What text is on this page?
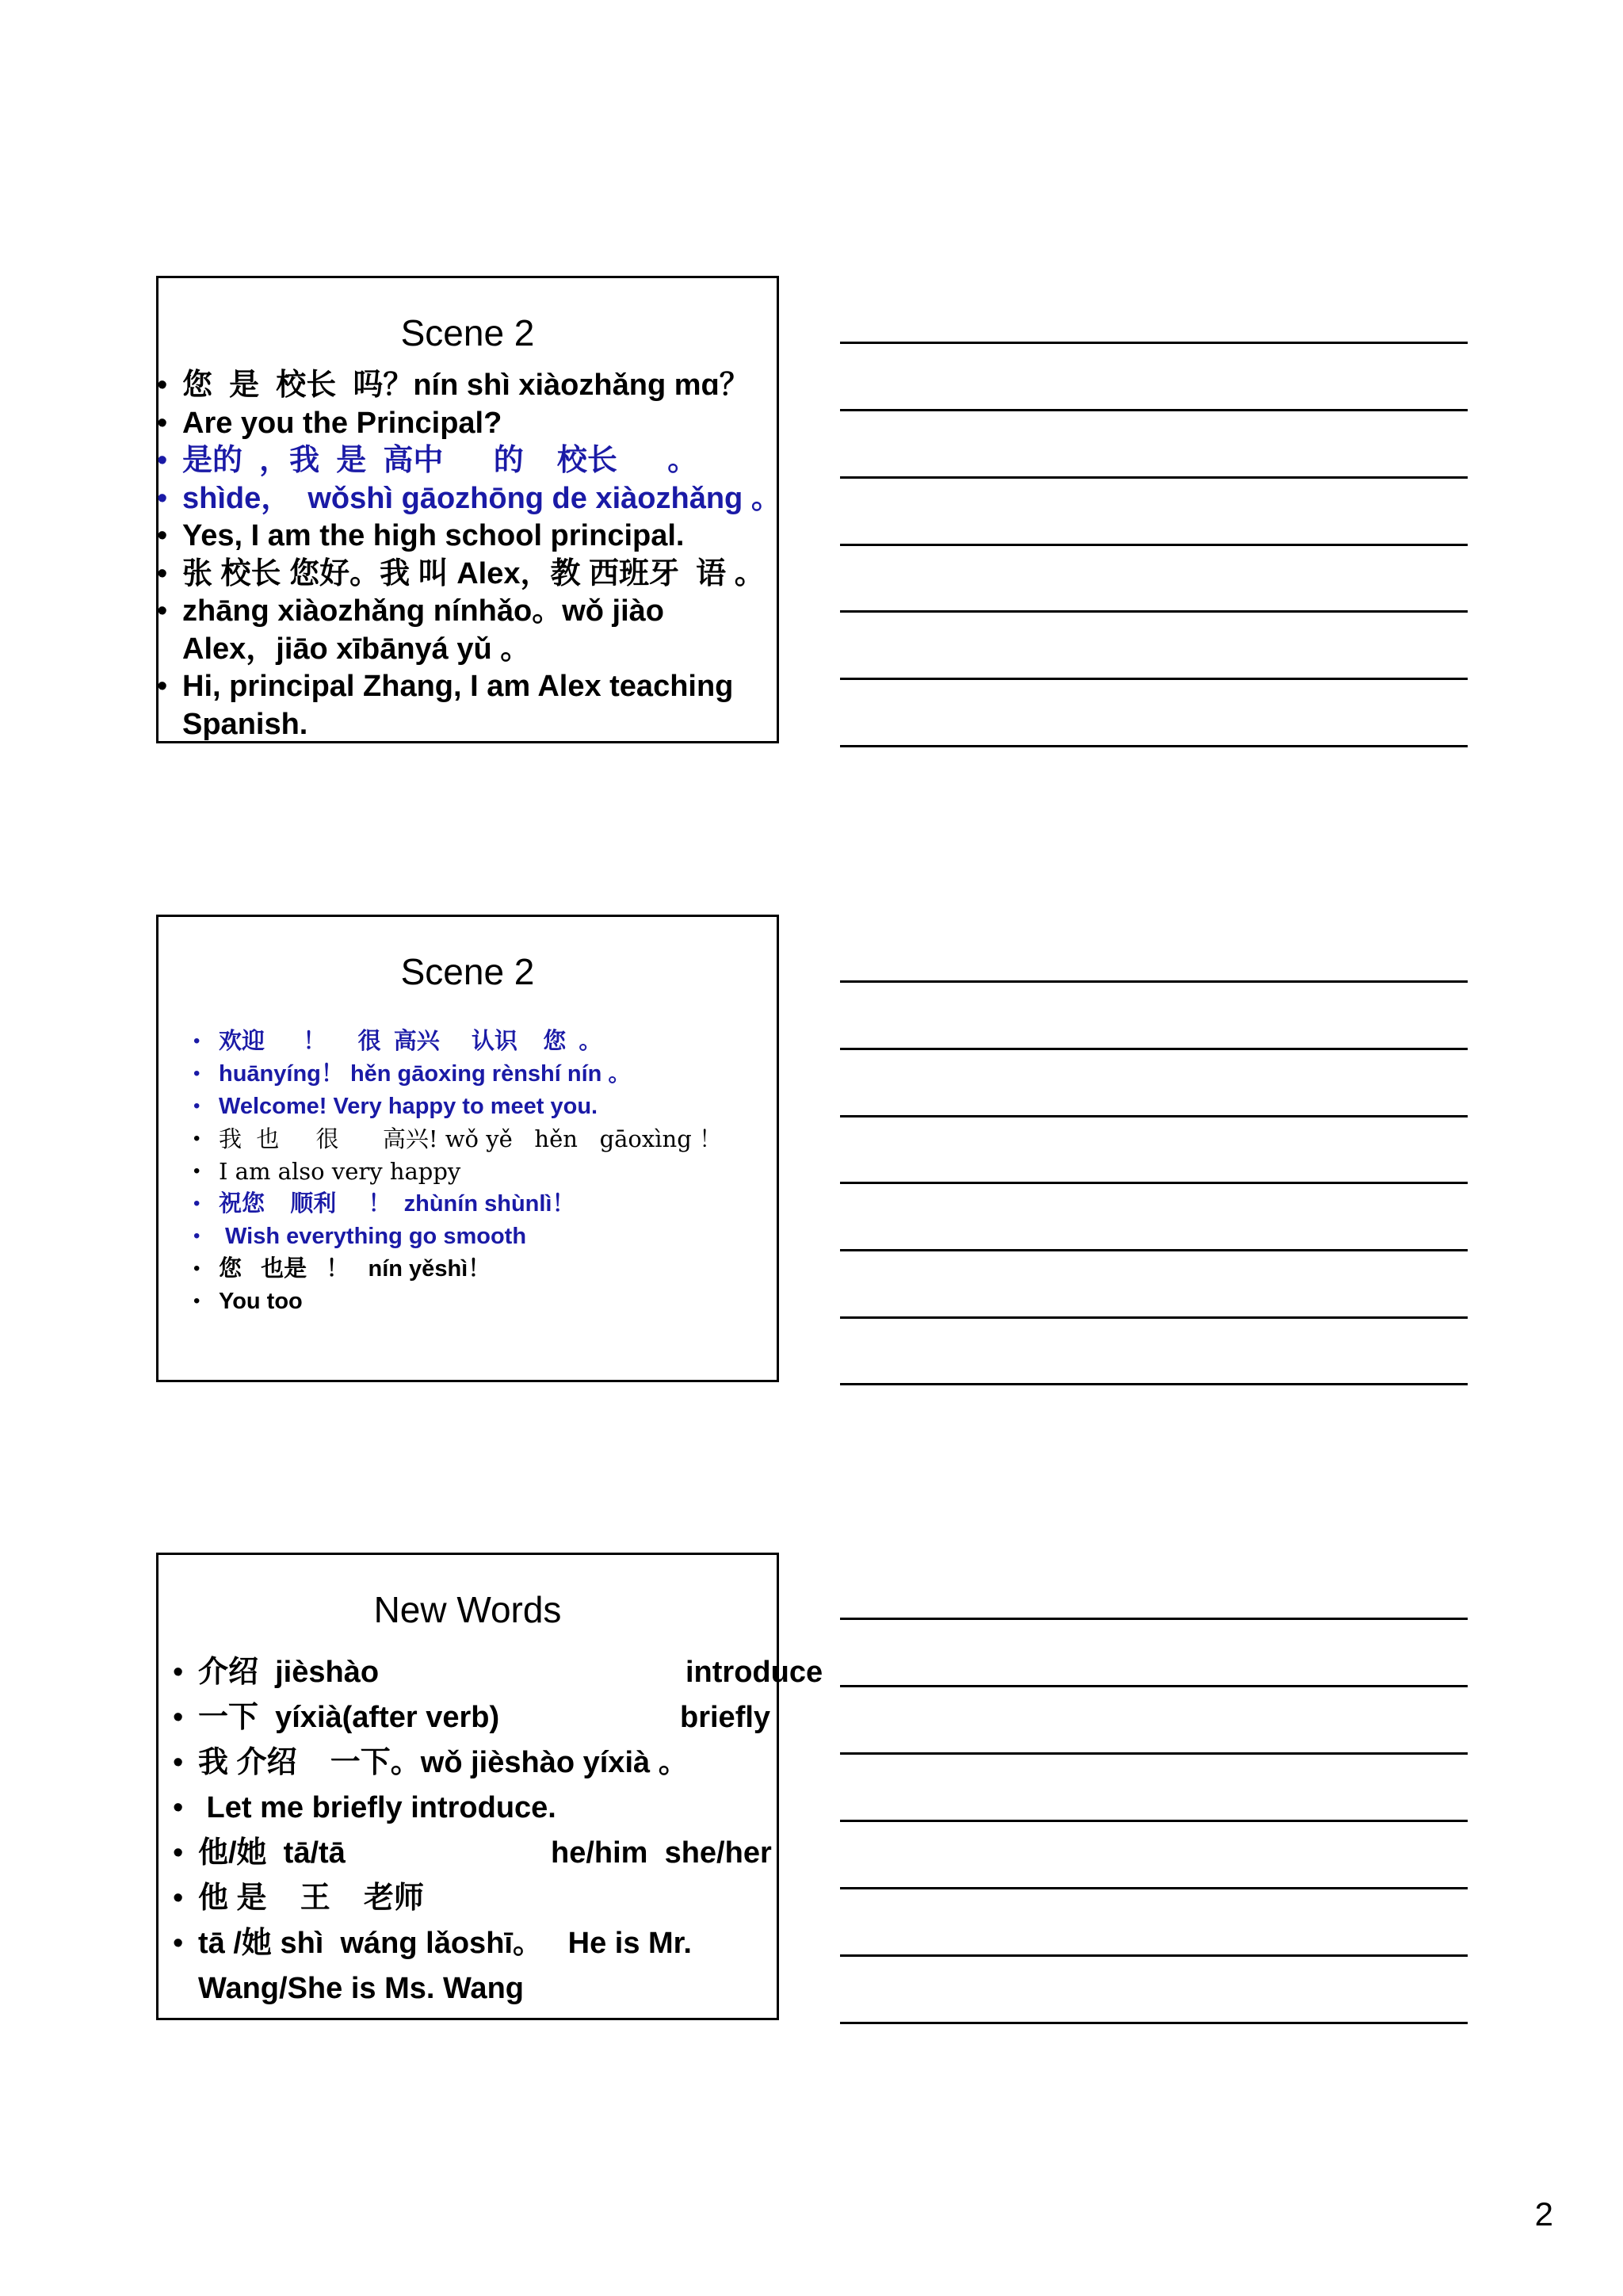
Scene 2
• 您  是  校长  吗？nín shì xiàozhǎng mɑ？
• Are you the Principal?
• 是的  ，我  是  高中      的    校长      。
• shìde，  wǒshì gāozhōng de xiàozhǎng 。
• Yes, I am the high school principal.
• 张 校长 您好。我 叫 Alex，教 西班牙  语 。
• zhāng xiàozhǎng nínhǎo。wǒ jiào
Alex，jiāo xībānyá yǔ 。
• Hi, principal Zhang, I am Alex teaching
Spanish.
Scene 2
• 欢迎      ！     很  高兴     认识    您  。
• huānyíng！ hěn gāoxing rènshí nín 。
• Welcome! Very happy to meet you.
• 我  也     很      高兴! wǒ yě   hěn   gāoxìng ！
• I am also very happy
• 祝您    顺利     ！  zhùnín shùnlì！
• Wish everything go smooth
• 您   也是   ！   nín yěshì！
• You too
New Words
• 介绍  jièshào	introduce
• 一下  yíxià(after verb)	briefly
• 我 介绍    一下。wǒ jièshào yíxià 。
• Let me briefly introduce.
• 他/她  tā/tā	he/him  she/her
• 他 是    王    老师
• tā /她 shì  wáng lǎoshī。   He is Mr.
Wang/She is Ms. Wang
2
